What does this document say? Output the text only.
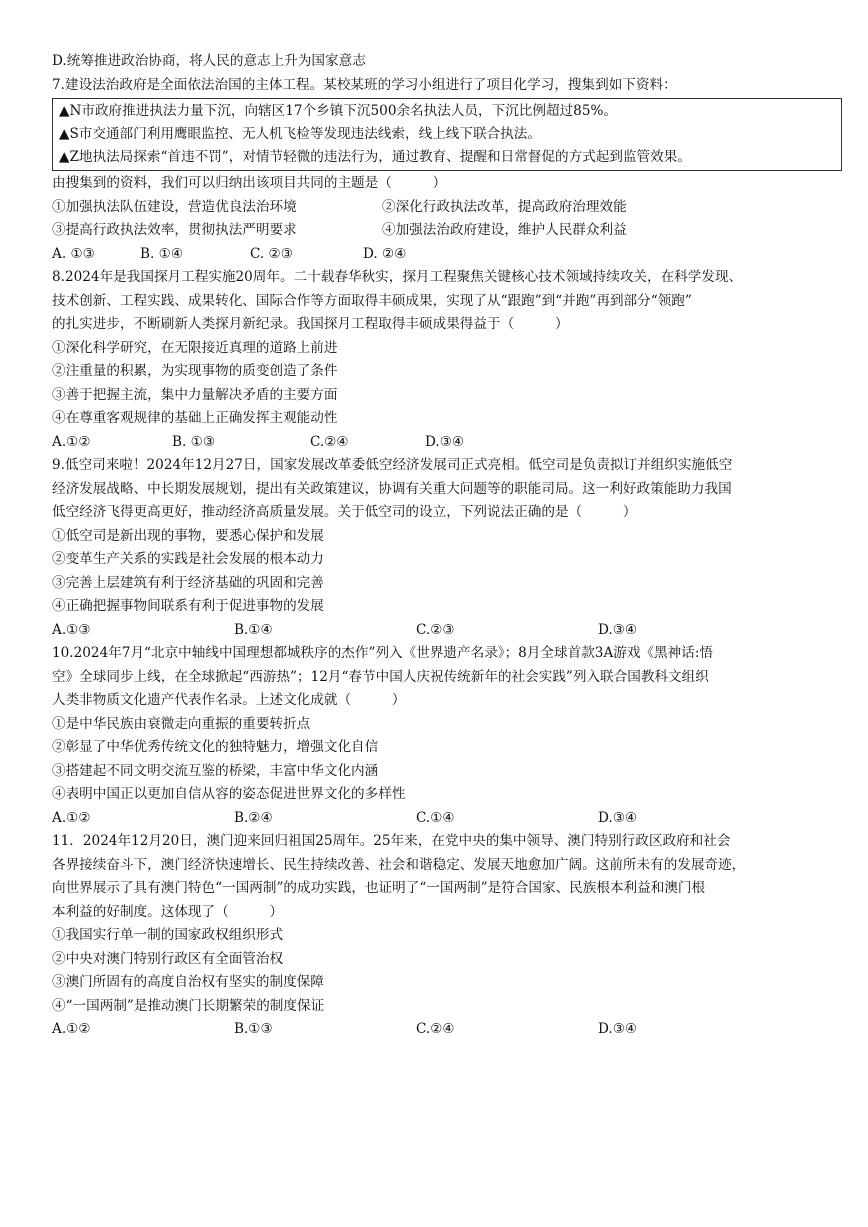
D.统筹推进政治协商，将人民的意志上升为国家意志
7.建设法治政府是全面依法治国的主体工程。某校某班的学习小组进行了项目化学习，搜集到如下资料：
▲N市政府推进执法力量下沉，向辖区17个乡镇下沉500余名执法人员，下沉比例超过85%。
▲S市交通部门利用鹰眼监控、无人机飞检等发现违法线索，线上线下联合执法。
▲Z地执法局探索“首违不罚”，对情节轻微的违法行为，通过教育、提醒和日常督促的方式起到监管效果。
由搜集到的资料，我们可以归纳出该项目共同的主题是（　　　）
①加强执法队伍建设，营造优良法治环境	②深化行政执法改革，提高政府治理效能
③提高行政执法效率，贯彻执法严明要求	④加强法治政府建设，维护人民群众利益
A. ①③	B. ①④	C. ②③	D. ②④
8.2024年是我国探月工程实施20周年。二十载春华秋实，探月工程聚焦关键核心技术领域持续攻关，在科学发现、
技术创新、工程实践、成果转化、国际合作等方面取得丰硕成果，实现了从“跟跑”到“并跑”再到部分“领跑”
的扎实进步，不断刷新人类探月新纪录。我国探月工程取得丰硕成果得益于（　　　）
①深化科学研究，在无限接近真理的道路上前进
②注重量的积累，为实现事物的质变创造了条件
③善于把握主流，集中力量解决矛盾的主要方面
④在尊重客观规律的基础上正确发挥主观能动性
A.①②	B. ①③	C.②④	D.③④
9.低空司来啦！2024年12月27日，国家发展改革委低空经济发展司正式亮相。低空司是负责拟订并组织实施低空
经济发展战略、中长期发展规划，提出有关政策建议，协调有关重大问题等的职能司局。这一利好政策能助力我国
低空经济飞得更高更好，推动经济高质量发展。关于低空司的设立，下列说法正确的是（　　　）
①低空司是新出现的事物，要悉心保护和发展
②变革生产关系的实践是社会发展的根本动力
③完善上层建筑有利于经济基础的巩固和完善
④正确把握事物间联系有利于促进事物的发展
A.①③	B.①④	C.②③	D.③④
10.2024年7月“北京中轴线中国理想都城秩序的杰作”列入《世界遗产名录》；8月全球首款3A游戏《黑神话:悟
空》全球同步上线，在全球掀起“西游热”；12月“春节中国人庆祝传统新年的社会实践”列入联合国教科文组织
人类非物质文化遗产代表作名录。上述文化成就（　　　）
①是中华民族由衰微走向重振的重要转折点
②彰显了中华优秀传统文化的独特魅力，增强文化自信
③搭建起不同文明交流互鉴的桥梁，丰富中华文化内涵
④表明中国正以更加自信从容的姿态促进世界文化的多样性
A.①②	B.②④	C.①④	D.③④
11．2024年12月20日，澳门迎来回归祖国25周年。25年来，在党中央的集中领导、澳门特别行政区政府和社会
各界接续奋斗下，澳门经济快速增长、民生持续改善、社会和谐稳定、发展天地愈加广阔。这前所未有的发展奇迹，
向世界展示了具有澳门特色“一国两制”的成功实践，也证明了“一国两制”是符合国家、民族根本利益和澳门根
本利益的好制度。这体现了（　　　）
①我国实行单一制的国家政权组织形式
②中央对澳门特别行政区有全面管治权
③澳门所固有的高度自治权有坚实的制度保障
④“一国两制”是推动澳门长期繁荣的制度保证
A.①②	B.①③	C.②④	D.③④
